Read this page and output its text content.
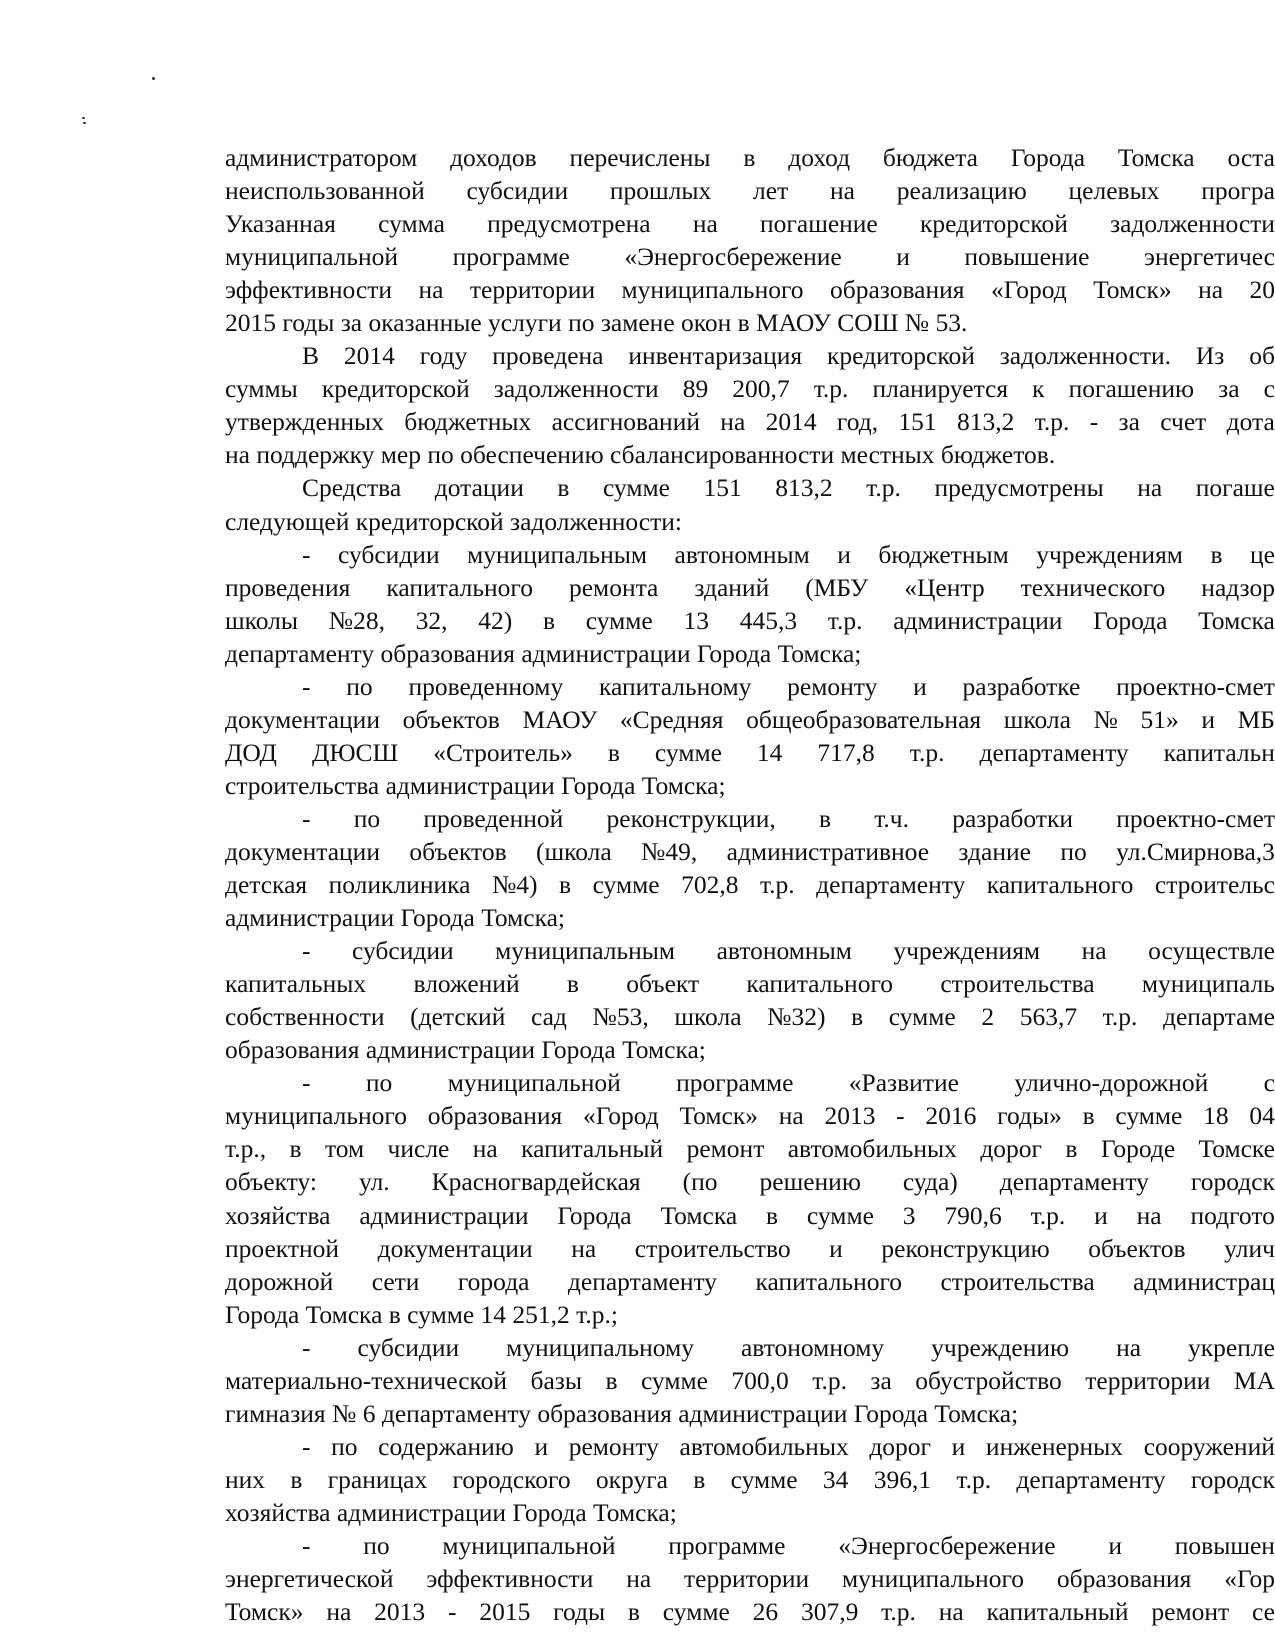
администратором доходов перечислены в доход бюджета Города Томска оста
неиспользованной субсидии прошлых лет на реализацию целевых програ
Указанная сумма предусмотрена на погашение кредиторской задолженности
муниципальной программе «Энергосбережение и повышение энергетичес
эффективности на территории муниципального образования «Город Томск» на 20
2015 годы за оказанные услуги по замене окон в МАОУ СОШ № 53.
В 2014 году проведена инвентаризация кредиторской задолженности. Из об
суммы кредиторской задолженности 89 200,7 т.р. планируется к погашению за с
утвержденных бюджетных ассигнований на 2014 год, 151 813,2 т.р. - за счет дота
на поддержку мер по обеспечению сбалансированности местных бюджетов.
Средства дотации в сумме 151 813,2 т.р. предусмотрены на погаше
следующей кредиторской задолженности:
- субсидии муниципальным автономным и бюджетным учреждениям в це
проведения капитального ремонта зданий (МБУ «Центр технического надзор
школы №28, 32, 42) в сумме 13 445,3 т.р. администрации Города Томска
департаменту образования администрации Города Томска;
- по проведенному капитальному ремонту и разработке проектно-смет
документации объектов МАОУ «Средняя общеобразовательная школа № 51» и МБ
ДОД ДЮСШ «Строитель» в сумме 14 717,8 т.р. департаменту капитальн
строительства администрации Города Томска;
- по проведенной реконструкции, в т.ч. разработки проектно-смет
документации объектов (школа №49, административное здание по ул.Смирнова,3
детская поликлиника №4) в сумме 702,8 т.р. департаменту капитального строительс
администрации Города Томска;
- субсидии муниципальным автономным учреждениям на осуществле
капитальных вложений в объект капитального строительства муниципаль
собственности (детский сад №53, школа №32) в сумме 2 563,7 т.р. департаме
образования администрации Города Томска;
- по муниципальной программе «Развитие улично-дорожной с
муниципального образования «Город Томск» на 2013 - 2016 годы» в сумме 18 04
т.р., в том числе на капитальный ремонт автомобильных дорог в Городе Томске
объекту: ул. Красногвардейская (по решению суда) департаменту городск
хозяйства администрации Города Томска в сумме 3 790,6 т.р. и на подгото
проектной документации на строительство и реконструкцию объектов улич
дорожной сети города департаменту капитального строительства администрац
Города Томска в сумме 14 251,2 т.р.;
- субсидии муниципальному автономному учреждению на укрепле
материально-технической базы в сумме 700,0 т.р. за обустройство территории МА
гимназия № 6 департаменту образования администрации Города Томска;
- по содержанию и ремонту автомобильных дорог и инженерных сооружений
них в границах городского округа в сумме 34 396,1 т.р. департаменту городск
хозяйства администрации Города Томска;
- по муниципальной программе «Энергосбережение и повышен
энергетической эффективности на территории муниципального образования «Гор
Томск» на 2013 - 2015 годы в сумме 26 307,9 т.р. на капитальный ремонт се
